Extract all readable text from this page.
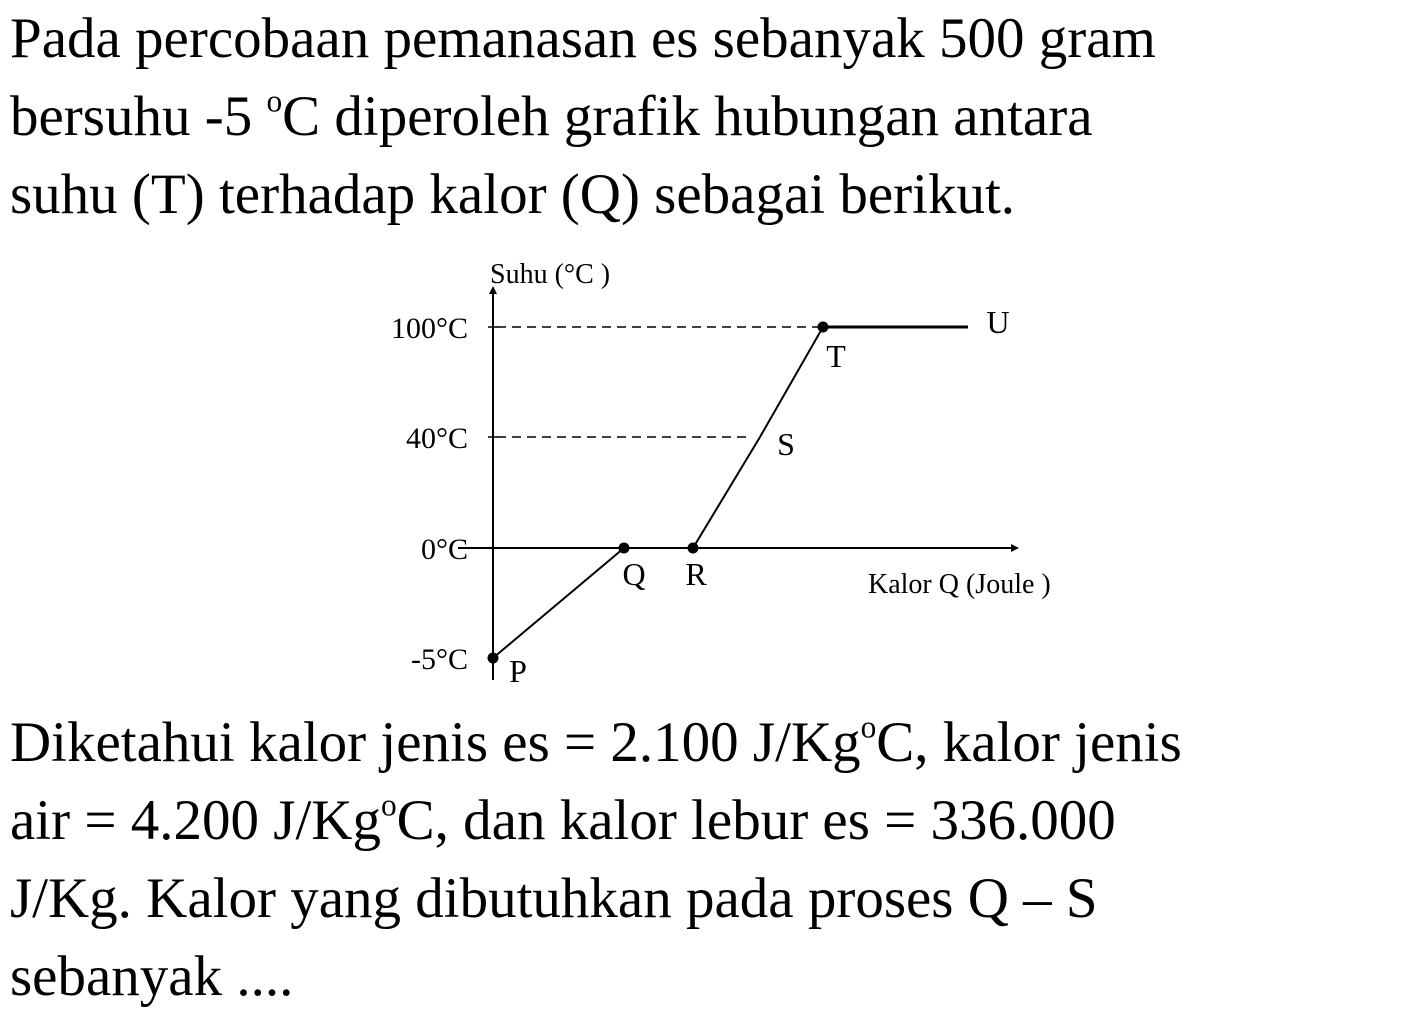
Pada percobaan pemanasan es sebanyak 500 gram
bersuhu -5 $^o$C diperoleh grafik hubungan antara
suhu (T) terhadap kalor (Q) sebagai berikut.

Suhu (°C )
Kalor Q (Joule )
100°C
40°C
0°C
-5°C P
Q R
S
T
U

Diketahui kalor jenis es = 2.100 J/Kg$^o$C, kalor jenis
air = 4.200 J/Kg$^o$C, dan kalor lebur es = 336.000
J/Kg. Kalor yang dibutuhkan pada proses Q – S
sebanyak ....
